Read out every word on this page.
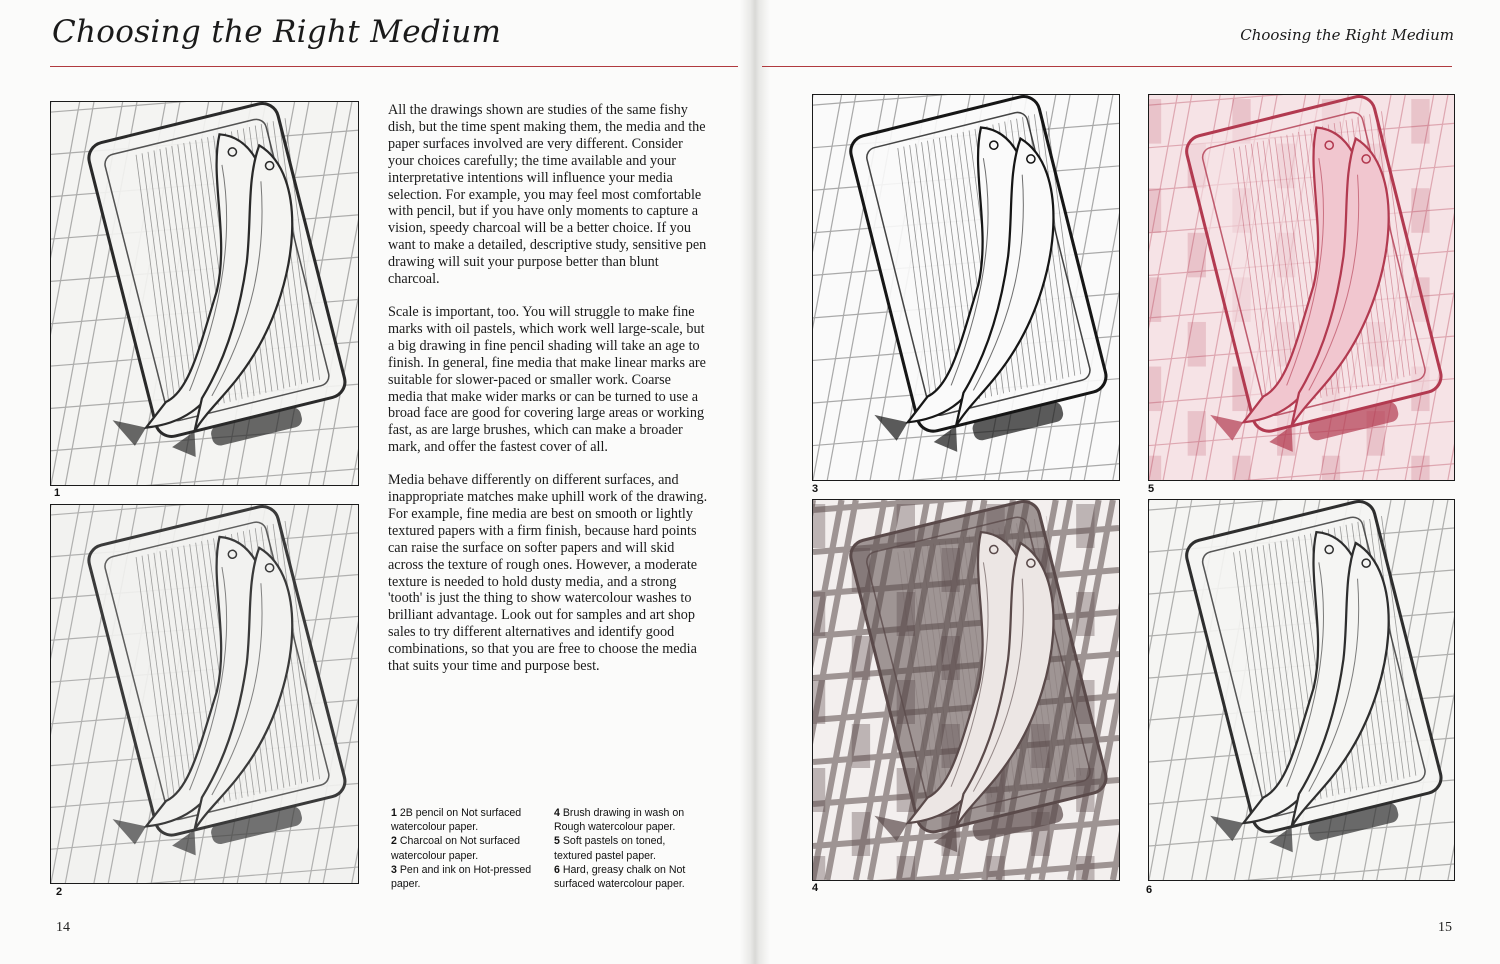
Choosing the Right Medium	Choosing the Right Medium
1
2
3	5
4	6

All the drawings shown are studies of the same fishy dish, but the time spent making them, the media and the paper surfaces involved are very different. Consider your choices carefully; the time available and your interpretative intentions will influence your media selection. For example, you may feel most comfortable with pencil, but if you have only moments to capture a vision, speedy charcoal will be a better choice. If you want to make a detailed, descriptive study, sensitive pen drawing will suit your purpose better than blunt charcoal.

Scale is important, too. You will struggle to make fine marks with oil pastels, which work well large-scale, but a big drawing in fine pencil shading will take an age to finish. In general, fine media that make linear marks are suitable for slower-paced or smaller work. Coarse media that make wider marks or can be turned to use a broad face are good for covering large areas or working fast, as are large brushes, which can make a broader mark, and offer the fastest cover of all.

Media behave differently on different surfaces, and inappropriate matches make uphill work of the drawing. For example, fine media are best on smooth or lightly textured papers with a firm finish, because hard points can raise the surface on softer papers and will skid across the texture of rough ones. However, a moderate texture is needed to hold dusty media, and a strong 'tooth' is just the thing to show watercolour washes to brilliant advantage. Look out for samples and art shop sales to try different alternatives and identify good combinations, so that you are free to choose the media that suits your time and purpose best.

1 2B pencil on Not surfaced watercolour paper.

2 Charcoal on Not surfaced watercolour paper.

3 Pen and ink on Hot-pressed paper.

4 Brush drawing in wash on Rough watercolour paper.

5 Soft pastels on toned, textured pastel paper.

6 Hard, greasy chalk on Not surfaced watercolour paper.

14	15
